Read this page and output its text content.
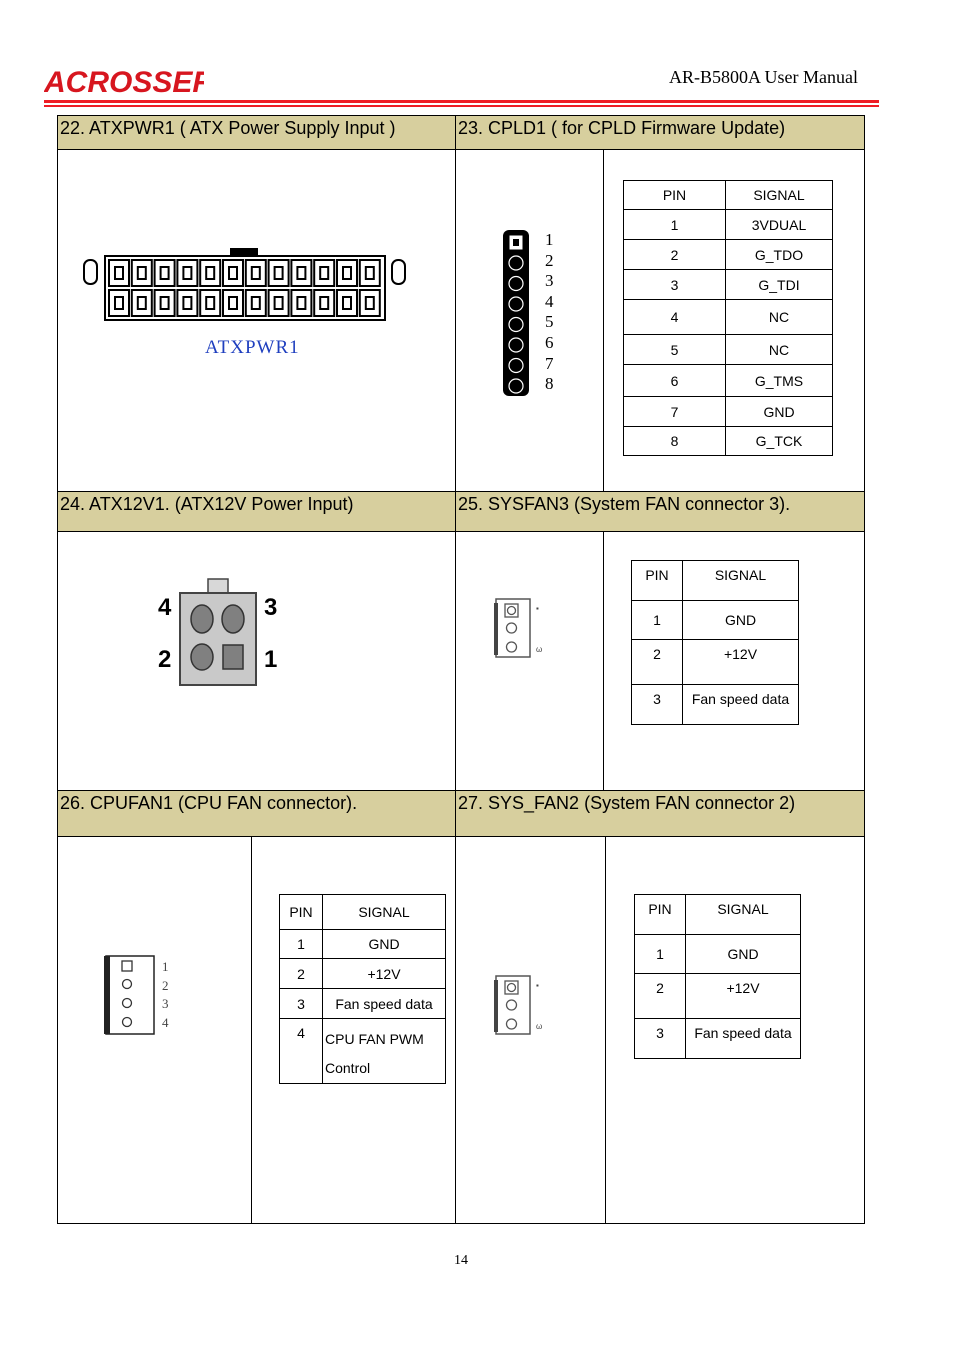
ACROSSER	AR-B5800A User Manual
22. ATXPWR1 ( ATX Power Supply Input )	23. CPLD1 ( for CPLD Firmware Update)
ATXPWR1
1
2
3
4
5
6
7
8
PIN	SIGNAL
1	3VDUAL
2	G_TDO
3	G_TDI
4	NC
5	NC
6	G_TMS
7	GND
8	G_TCK
24. ATX12V1. (ATX12V Power Input)	25. SYSFAN3 (System FAN connector 3).
4	3
2	1
▪
ω
PIN	SIGNAL
1	GND
2	+12V
3	Fan speed data
26. CPUFAN1 (CPU FAN connector).	27. SYS_FAN2 (System FAN connector 2)
1
2
3
4
PIN	SIGNAL
1	GND
2	+12V
3	Fan speed data
4	CPU FAN PWM
Control
▪
ω
PIN	SIGNAL
1	GND
2	+12V
3	Fan speed data
14
